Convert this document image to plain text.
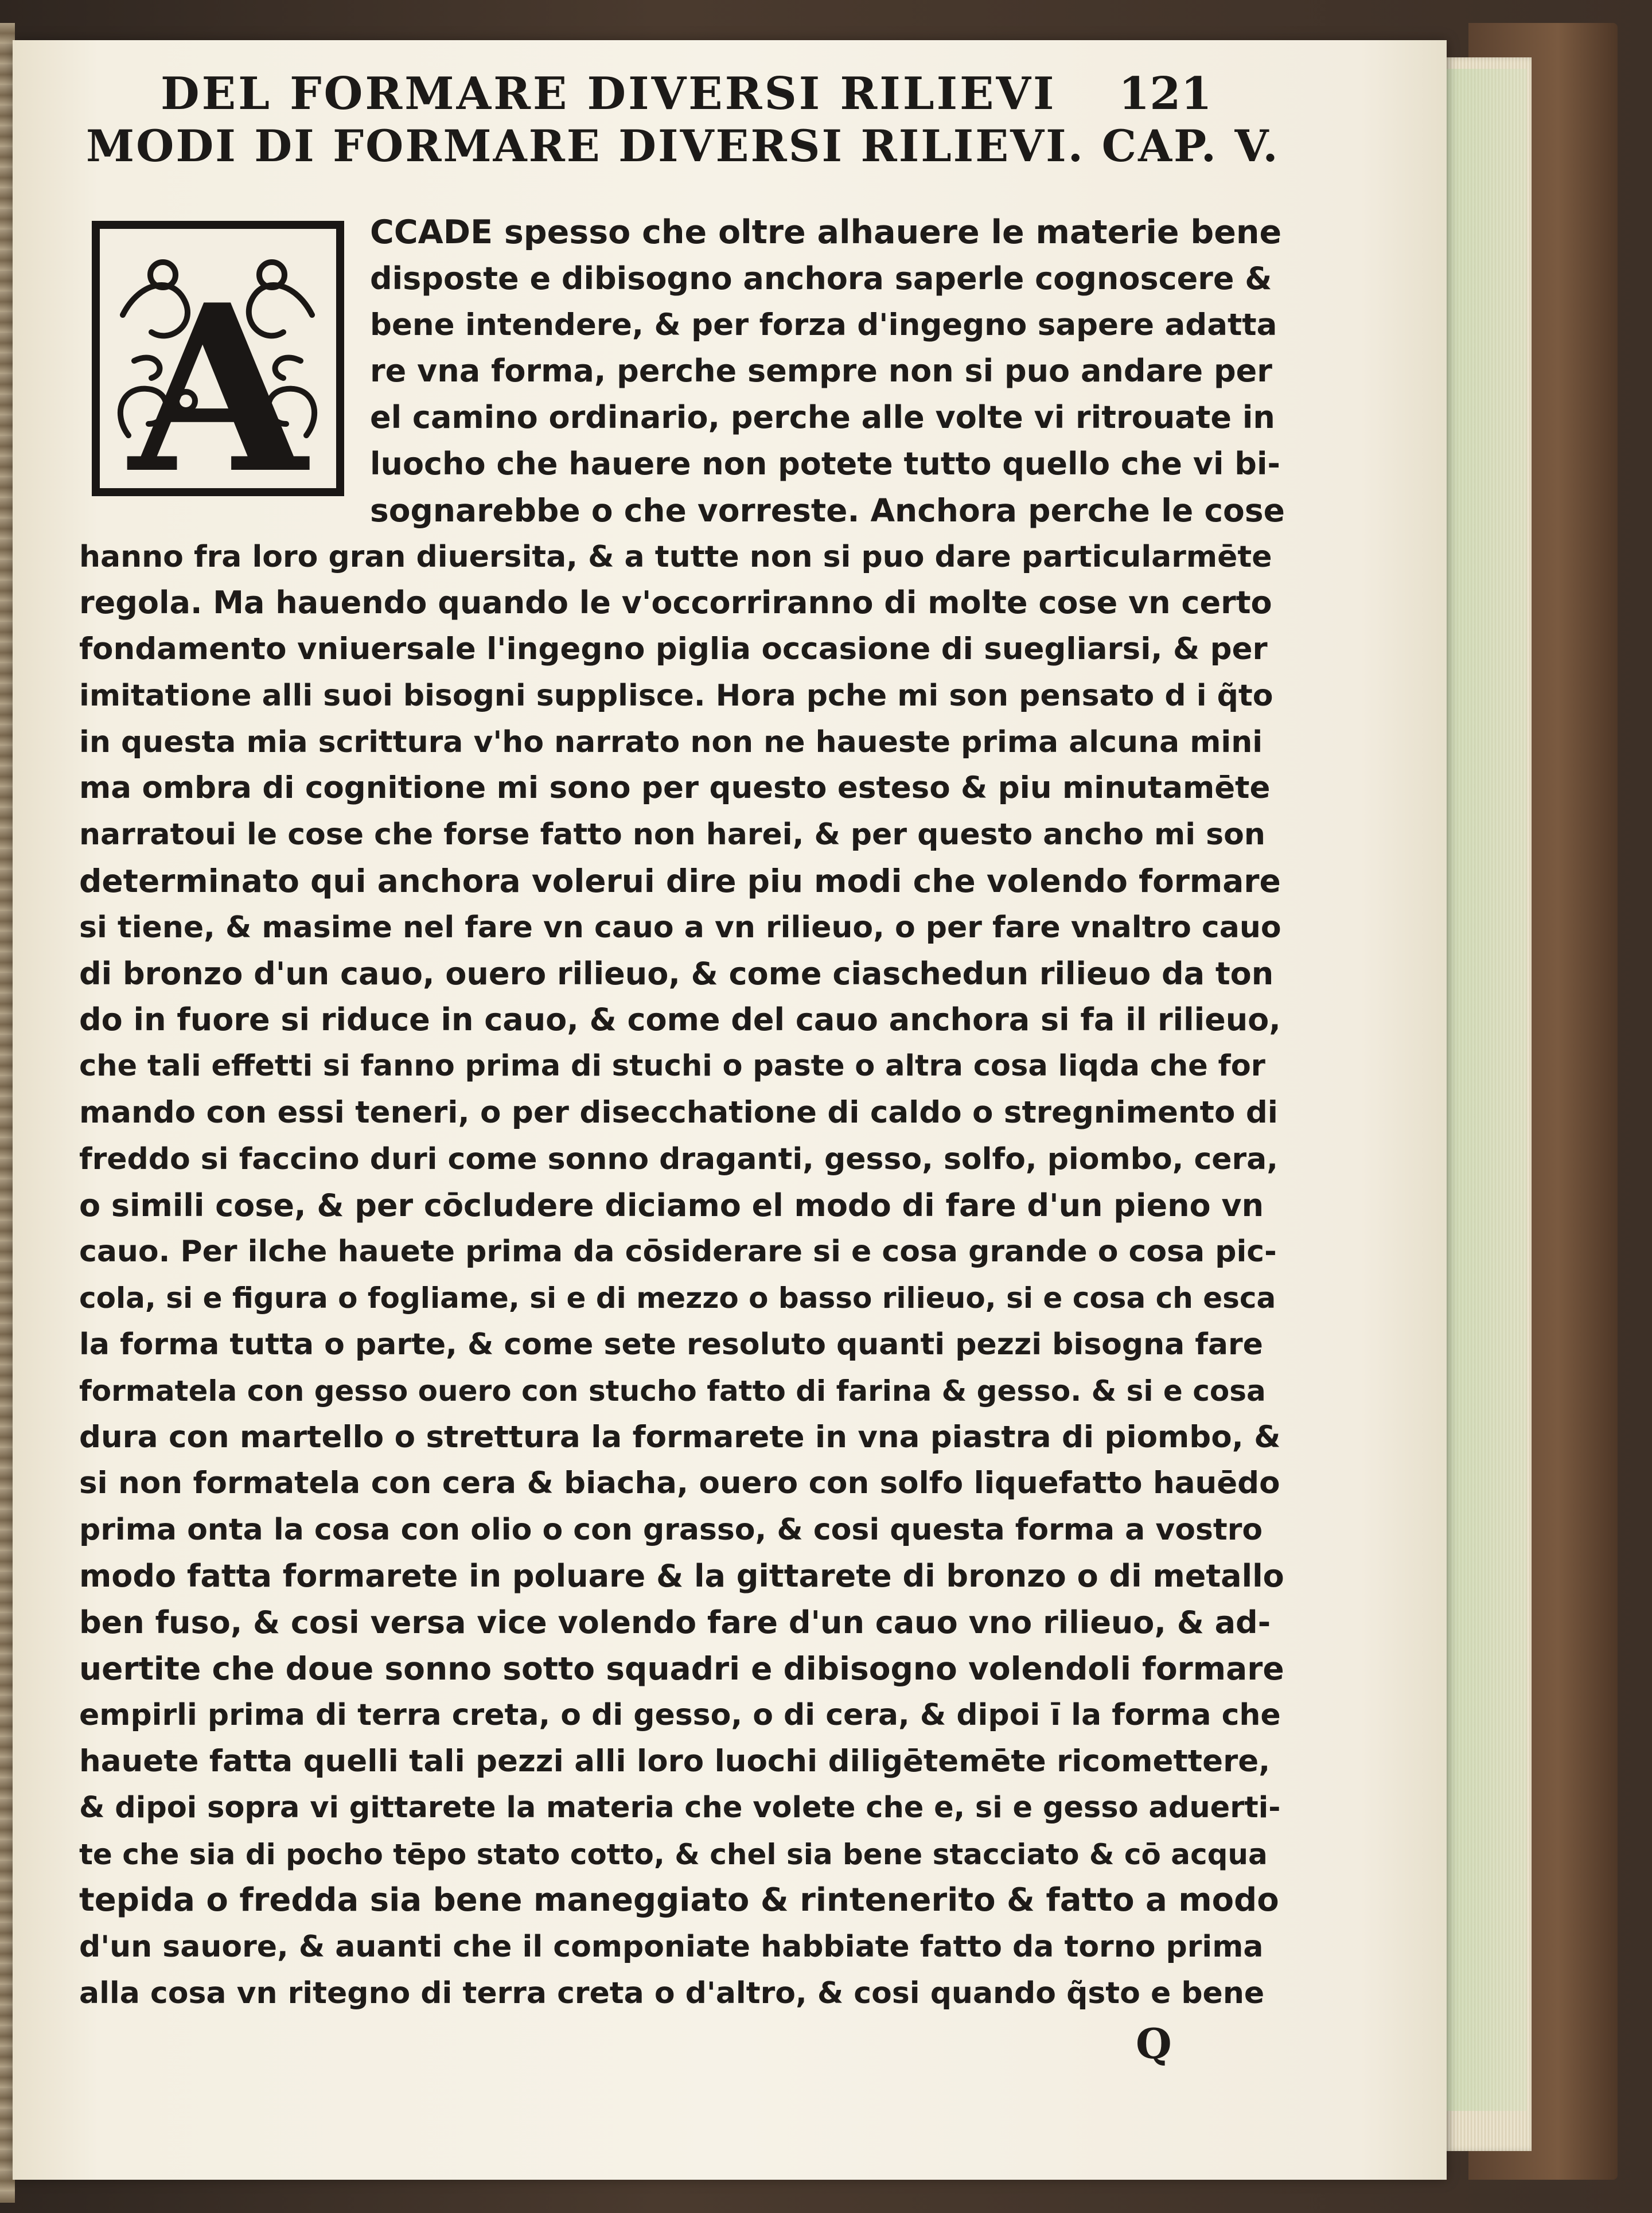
DEL FORMARE DIVERSI RILIEVI	121
MODI DI FORMARE DIVERSI RILIEVI. CAP. V.
A
CCADE spesso che oltre alhauere le materie bene
disposte e dibisogno anchora saperle cognoscere &
bene intendere, & per forza d'ingegno sapere adatta
re vna forma, perche sempre non si puo andare per
el camino ordinario, perche alle volte vi ritrouate in
luocho che hauere non potete tutto quello che vi bi-
sognarebbe o che vorreste. Anchora perche le cose
hanno fra loro gran diuersita, & a tutte non si puo dare particularmēte
regola. Ma hauendo quando le v'occorriranno di molte cose vn certo
fondamento vniuersale l'ingegno piglia occasione di suegliarsi, & per
imitatione alli suoi bisogni supplisce. Hora pche mi son pensato d i q̃to
in questa mia scrittura v'ho narrato non ne haueste prima alcuna mini
ma ombra di cognitione mi sono per questo esteso & piu minutamēte
narratoui le cose che forse fatto non harei, & per questo ancho mi son
determinato qui anchora volerui dire piu modi che volendo formare
si tiene, & masime nel fare vn cauo a vn rilieuo, o per fare vnaltro cauo
di bronzo d'un cauo, ouero rilieuo, & come ciaschedun rilieuo da ton
do in fuore si riduce in cauo, & come del cauo anchora si fa il rilieuo,
che tali effetti si fanno prima di stuchi o paste o altra cosa liqda che for
mando con essi teneri, o per disecchatione di caldo o stregnimento di
freddo si faccino duri come sonno draganti, gesso, solfo, piombo, cera,
o simili cose, & per cōcludere diciamo el modo di fare d'un pieno vn
cauo. Per ilche hauete prima da cōsiderare si e cosa grande o cosa pic-
cola, si e figura o fogliame, si e di mezzo o basso rilieuo, si e cosa ch esca
la forma tutta o parte, & come sete resoluto quanti pezzi bisogna fare
formatela con gesso ouero con stucho fatto di farina & gesso. & si e cosa
dura con martello o strettura la formarete in vna piastra di piombo, &
si non formatela con cera & biacha, ouero con solfo liquefatto hauēdo
prima onta la cosa con olio o con grasso, & cosi questa forma a vostro
modo fatta formarete in poluare & la gittarete di bronzo o di metallo
ben fuso, & cosi versa vice volendo fare d'un cauo vno rilieuo, & ad-
uertite che doue sonno sotto squadri e dibisogno volendoli formare
empirli prima di terra creta, o di gesso, o di cera, & dipoi ī la forma che
hauete fatta quelli tali pezzi alli loro luochi diligētemēte ricomettere,
& dipoi sopra vi gittarete la materia che volete che e, si e gesso aduerti-
te che sia di pocho tēpo stato cotto, & chel sia bene stacciato & cō acqua
tepida o fredda sia bene maneggiato & rintenerito & fatto a modo
d'un sauore, & auanti che il componiate habbiate fatto da torno prima
alla cosa vn ritegno di terra creta o d'altro, & cosi quando q̃sto e bene
Q
